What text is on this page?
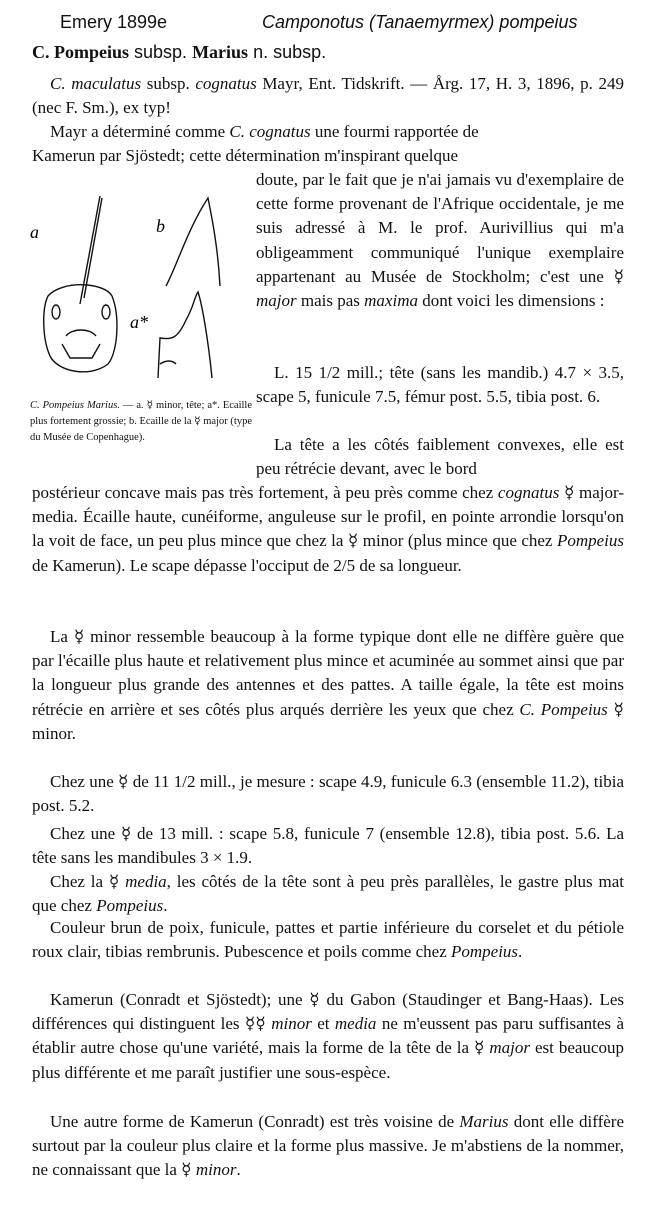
Emery 1899e	Camponotus (Tanaemyrmex) pompeius

C. Pompeius subsp. Marius n. subsp.

C. maculatus subsp. cognatus Mayr, Ent. Tidskrift. — Årg. 17, H. 3, 1896, p. 249 (nec F. Sm.), ex typ!

Mayr a déterminé comme C. cognatus une fourmi rapportée de

Kamerun par Sjöstedt; cette détermination m'inspirant quelque

a	b
a*

C. Pompeius Marius. — a. ☿ minor, tête; a*. Ecaille plus fortement grossie; b. Ecaille de la ☿ major (type du Musée de Copenhague).

doute, par le fait que je n'ai jamais vu d'exemplaire de cette forme provenant de l'Afrique occidentale, je me suis adressé à M. le prof. Aurivillius qui m'a obligeamment communiqué l'unique exemplaire appartenant au Musée de Stockholm; c'est une ☿ major mais pas maxima dont voici les dimensions :

L. 15 1/2 mill.; tête (sans les mandib.) 4.7 × 3.5, scape 5, funicule 7.5, fémur post. 5.5, tibia post. 6.

La tête a les côtés faiblement convexes, elle est peu rétrécie devant, avec le bord

postérieur concave mais pas très fortement, à peu près comme chez cognatus ☿ major-media. Écaille haute, cunéiforme, anguleuse sur le profil, en pointe arrondie lorsqu'on la voit de face, un peu plus mince que chez la ☿ minor (plus mince que chez Pompeius de Kamerun). Le scape dépasse l'occiput de 2/5 de sa longueur.

La ☿ minor ressemble beaucoup à la forme typique dont elle ne diffère guère que par l'écaille plus haute et relativement plus mince et acuminée au sommet ainsi que par la longueur plus grande des antennes et des pattes. A taille égale, la tête est moins rétrécie en arrière et ses côtés plus arqués derrière les yeux que chez C. Pompeius ☿ minor.

Chez une ☿ de 11 1/2 mill., je mesure : scape 4.9, funicule 6.3 (ensemble 11.2), tibia post. 5.2.

Chez une ☿ de 13 mill. : scape 5.8, funicule 7 (ensemble 12.8), tibia post. 5.6. La tête sans les mandibules 3 × 1.9.

Chez la ☿ media, les côtés de la tête sont à peu près parallèles, le gastre plus mat que chez Pompeius.

Couleur brun de poix, funicule, pattes et partie inférieure du corselet et du pétiole roux clair, tibias rembrunis. Pubescence et poils comme chez Pompeius.

Kamerun (Conradt et Sjöstedt); une ☿ du Gabon (Staudinger et Bang-Haas). Les différences qui distinguent les ☿☿ minor et media ne m'eussent pas paru suffisantes à établir autre chose qu'une variété, mais la forme de la tête de la ☿ major est beaucoup plus différente et me paraît justifier une sous-espèce.

Une autre forme de Kamerun (Conradt) est très voisine de Marius dont elle diffère surtout par la couleur plus claire et la forme plus massive. Je m'abstiens de la nommer, ne connaissant que la ☿ minor.
